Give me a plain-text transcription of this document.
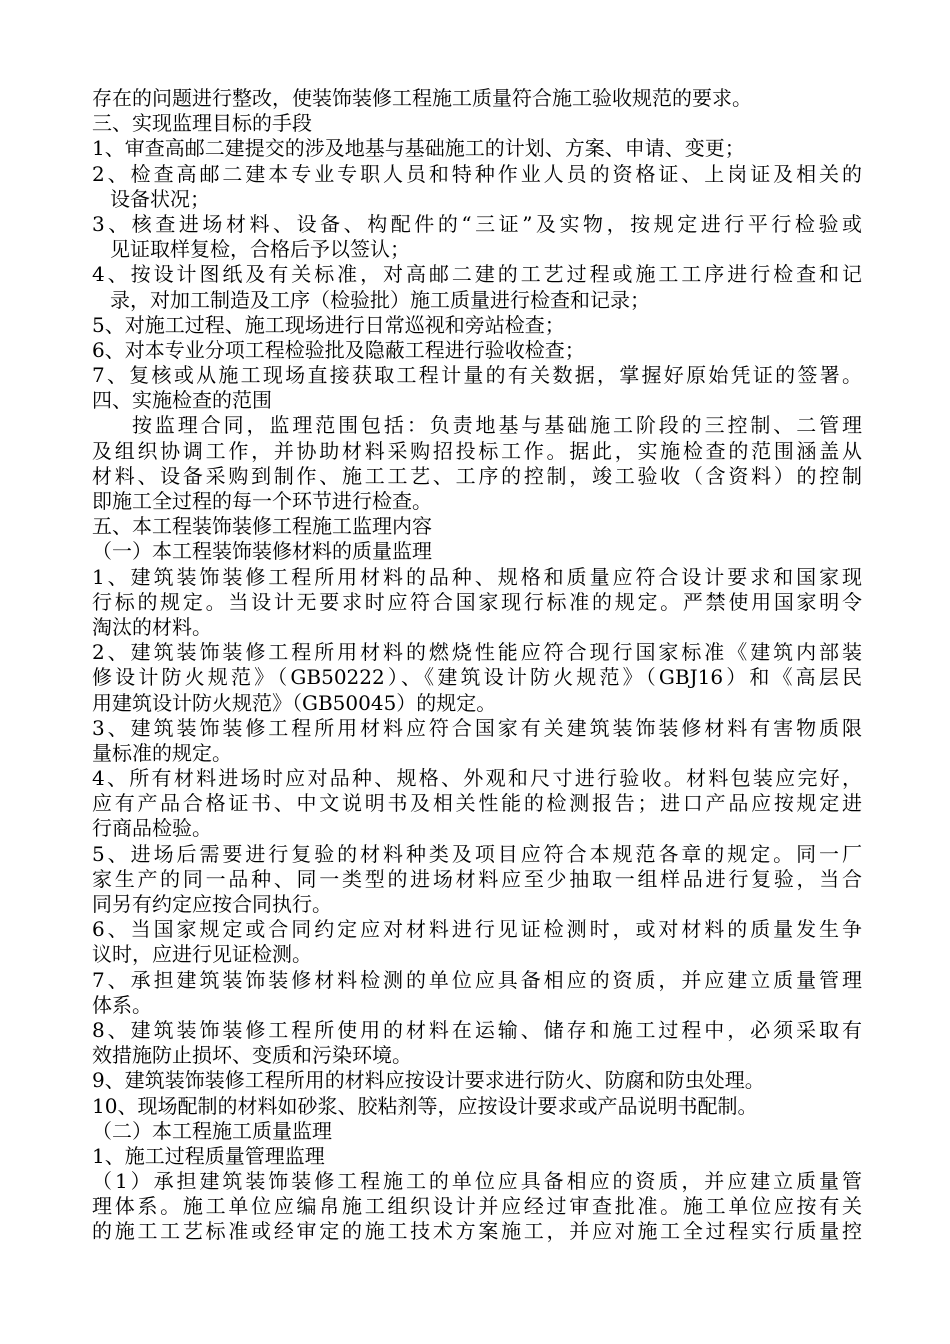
存在的问题进行整改，使装饰装修工程施工质量符合施工验收规范的要求。
三、实现监理目标的手段
1、审查高邮二建提交的涉及地基与基础施工的计划、方案、申请、变更；
2、检查高邮二建本专业专职人员和特种作业人员的资格证、上岗证及相关的
设备状况；
3、核查进场材料、设备、构配件的“三证”及实物，按规定进行平行检验或
见证取样复检，合格后予以签认；
4、按设计图纸及有关标准，对高邮二建的工艺过程或施工工序进行检查和记
录，对加工制造及工序（检验批）施工质量进行检查和记录；
5、对施工过程、施工现场进行日常巡视和旁站检查；
6、对本专业分项工程检验批及隐蔽工程进行验收检查；
7、复核或从施工现场直接获取工程计量的有关数据，掌握好原始凭证的签署。
四、实施检查的范围
按监理合同，监理范围包括：负责地基与基础施工阶段的三控制、二管理
及组织协调工作，并协助材料采购招投标工作。据此，实施检查的范围涵盖从
材料、设备采购到制作、施工工艺、工序的控制，竣工验收（含资料）的控制
即施工全过程的每一个环节进行检查。
五、本工程装饰装修工程施工监理内容
（一）本工程装饰装修材料的质量监理
1、建筑装饰装修工程所用材料的品种、规格和质量应符合设计要求和国家现
行标的规定。当设计无要求时应符合国家现行标准的规定。严禁使用国家明令
淘汰的材料。
2、建筑装饰装修工程所用材料的燃烧性能应符合现行国家标准《建筑内部装
修设计防火规范》（GB50222）、《建筑设计防火规范》（GBJ16）和《高层民
用建筑设计防火规范》（GB50045）的规定。
3、建筑装饰装修工程所用材料应符合国家有关建筑装饰装修材料有害物质限
量标准的规定。
4、所有材料进场时应对品种、规格、外观和尺寸进行验收。材料包装应完好，
应有产品合格证书、中文说明书及相关性能的检测报告；进口产品应按规定进
行商品检验。
5、进场后需要进行复验的材料种类及项目应符合本规范各章的规定。同一厂
家生产的同一品种、同一类型的进场材料应至少抽取一组样品进行复验，当合
同另有约定应按合同执行。
6、当国家规定或合同约定应对材料进行见证检测时，或对材料的质量发生争
议时，应进行见证检测。
7、承担建筑装饰装修材料检测的单位应具备相应的资质，并应建立质量管理
体系。
8、建筑装饰装修工程所使用的材料在运输、储存和施工过程中，必须采取有
效措施防止损坏、变质和污染环境。
9、建筑装饰装修工程所用的材料应按设计要求进行防火、防腐和防虫处理。
10、现场配制的材料如砂浆、胶粘剂等，应按设计要求或产品说明书配制。
（二）本工程施工质量监理
1、施工过程质量管理监理
（1）承担建筑装饰装修工程施工的单位应具备相应的资质，并应建立质量管
理体系。施工单位应编帛施工组织设计并应经过审查批准。施工单位应按有关
的施工工艺标准或经审定的施工技术方案施工，并应对施工全过程实行质量控
